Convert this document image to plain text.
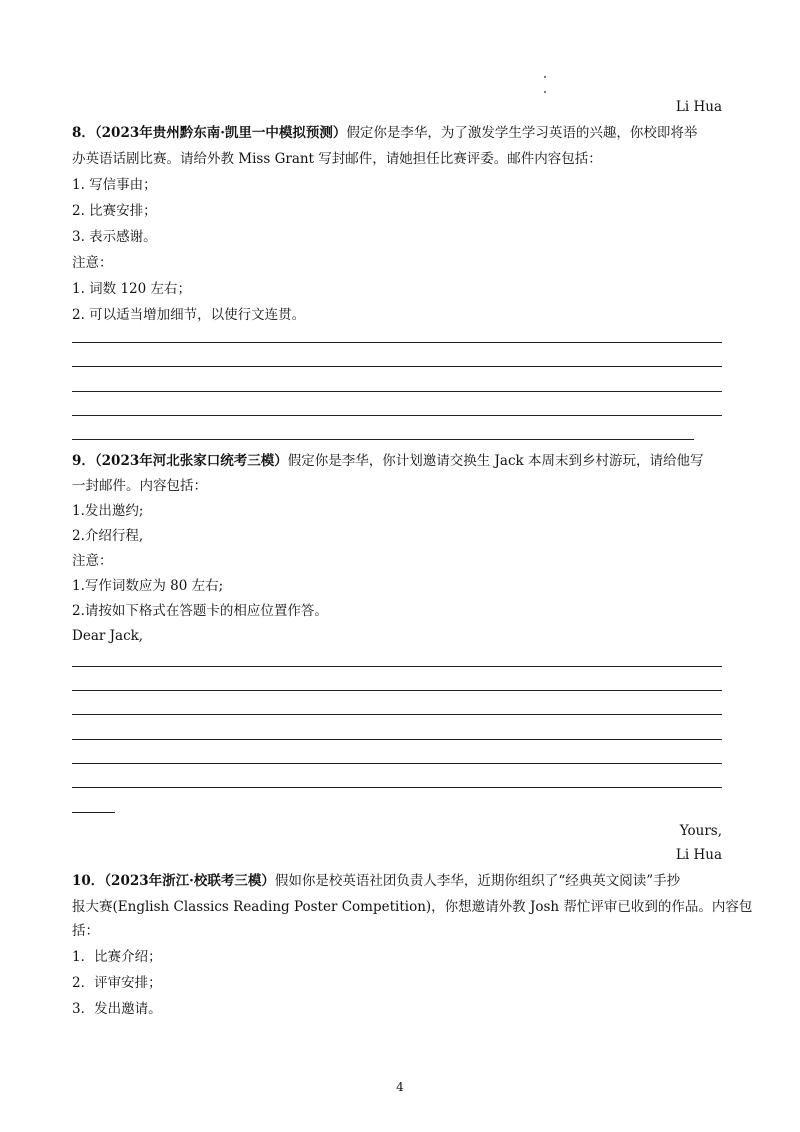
Li Hua
8．（2023年贵州黔东南·凯里一中模拟预测）假定你是李华，为了激发学生学习英语的兴趣，你校即将举
办英语话剧比赛。请给外教 Miss Grant 写封邮件，请她担任比赛评委。邮件内容包括：
1. 写信事由；
2. 比赛安排；
3. 表示感谢。
注意：
1. 词数 120 左右；
2. 可以适当增加细节，以使行文连贯。
9．（2023年河北张家口统考三模）假定你是李华，你计划邀请交换生 Jack 本周末到乡村游玩，请给他写
一封邮件。内容包括：
1.发出邀约;
2.介绍行程,
注意：
1.写作词数应为 80 左右;
2.请按如下格式在答题卡的相应位置作答。
Dear Jack,
Yours,
Li Hua
10．（2023年浙江·校联考三模）假如你是校英语社团负责人李华，近期你组织了“经典英文阅读”手抄
报大赛(English Classics Reading Poster Competition)，你想邀请外教 Josh 帮忙评审已收到的作品。内容包
括：
1．比赛介绍；
2．评审安排；
3．发出邀请。
4
